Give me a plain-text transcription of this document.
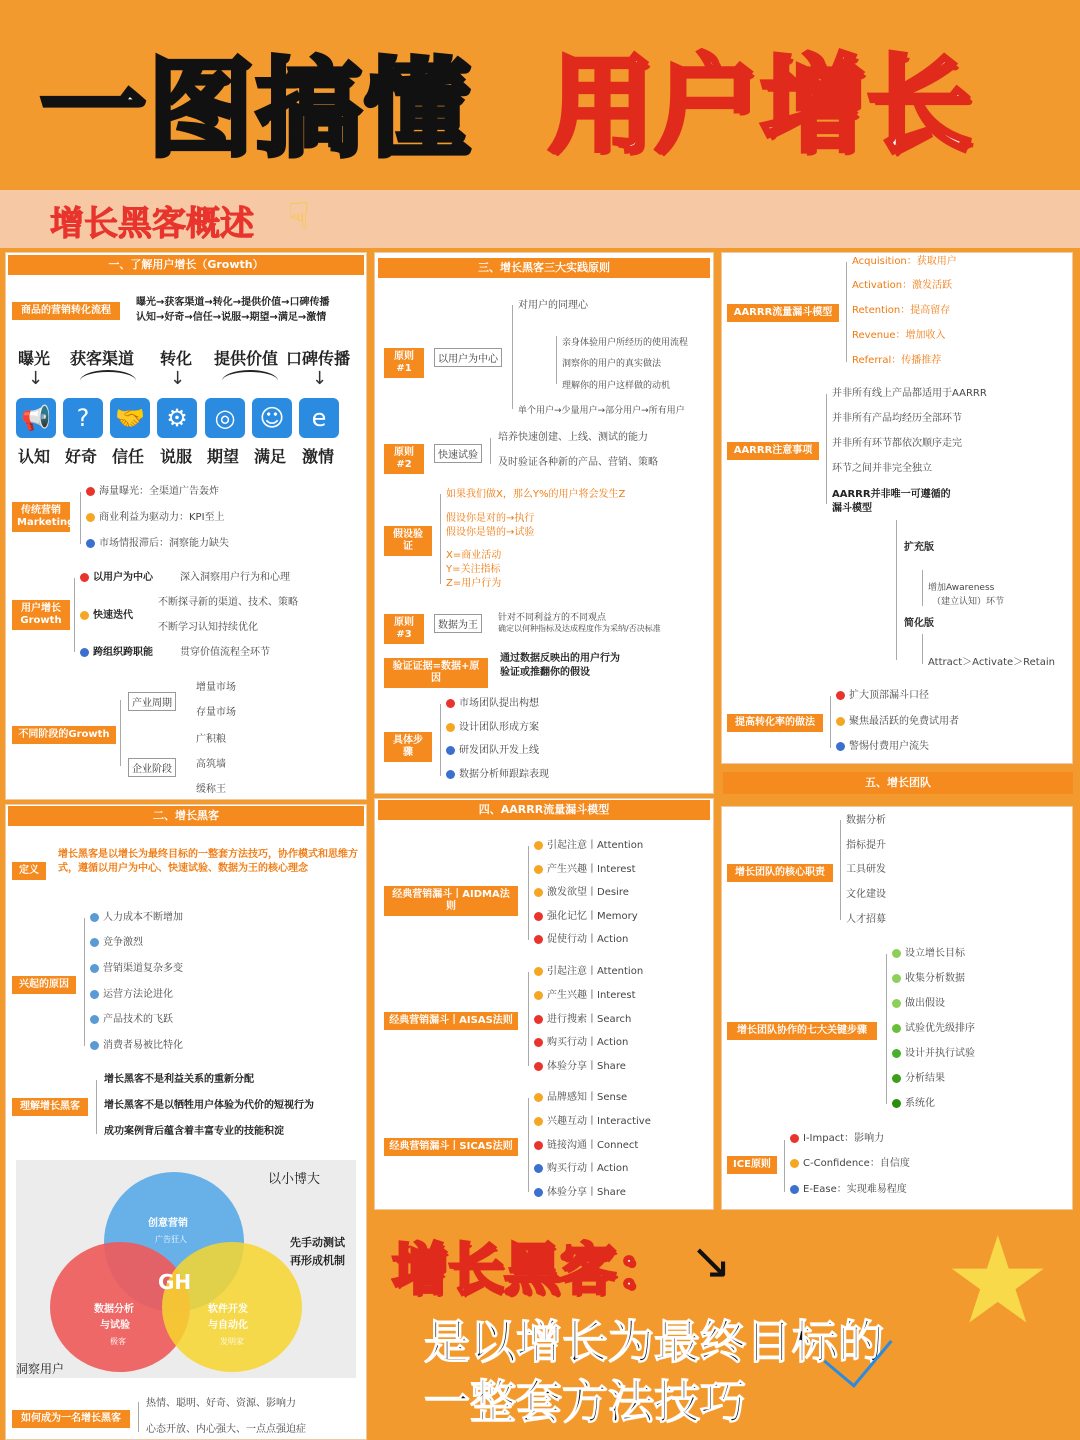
一图搞懂 用户增长
增长黑客概述 ☟
一、了解用户增长（Growth）
商品的营销转化流程
曝光→获客渠道→转化→提供价值→口碑传播
认知→好奇→信任→说服→期望→满足→激情
曝光 获客渠道 转化 提供价值 口碑传播
↓	↓	↓
📢	?	🤝 ⚙	◎	☺	e
认知 好奇 信任 说服 期望 满足 激情
传统营销 Marketing
海量曝光：全渠道广告轰炸
商业利益为驱动力：KPI至上
市场情报滞后：洞察能力缺失
用户增长 Growth
以用户为中心	深入洞察用户行为和心理
快速迭代
不断探寻新的渠道、技术、策略
不断学习认知持续优化
跨组织跨职能	贯穿价值流程全环节
不同阶段的Growth
产业周期
增量市场
存量市场
企业阶段
广积粮
高筑墙
缓称王
二、增长黑客
定义
增长黑客是以增长为最终目标的一整套方法技巧，协作模式和思维方式，遵循以用户为中心、快速试验、数据为王的核心理念
兴起的原因
人力成本不断增加
竞争激烈
营销渠道复杂多变
运营方法论进化
产品技术的飞跃
消费者易被比特化
理解增长黑客
增长黑客不是利益关系的重新分配
增长黑客不是以牺牲用户体验为代价的短视行为
成功案例背后蕴含着丰富专业的技能积淀
创意营销
广告狂人
数据分析
与试验
极客
软件开发
与自动化
发明家
GH
以小博大
先手动测试
再形成机制
洞察用户
如何成为一名增长黑客
热情、聪明、好奇、资源、影响力
心态开放、内心强大、一点点强迫症
三、增长黑客三大实践原则
原则#1
以用户为中心
对用户的同理心
亲身体验用户所经历的使用流程
洞察你的用户的真实做法
理解你的用户这样做的动机
单个用户→少量用户→部分用户→所有用户
原则#2
快速试验
培养快速创建、上线、测试的能力
及时验证各种新的产品、营销、策略
假设验证
如果我们做X，那么Y%的用户将会发生Z
假设你是对的→执行
假设你是错的→试验
X=商业活动
Y=关注指标
Z=用户行为
原则#3
数据为王
针对不同利益方的不同观点
确定以何种指标及达成程度作为采纳/否决标准
验证证据=数据+原因
通过数据反映出的用户行为
验证或推翻你的假设
具体步骤
市场团队提出构想
设计团队形成方案
研发团队开发上线
数据分析师跟踪表现
四、AARRR流量漏斗模型
经典营销漏斗丨AIDMA法则
引起注意丨Attention
产生兴趣丨Interest
激发欲望丨Desire
强化记忆丨Memory
促使行动丨Action
经典营销漏斗丨AISAS法则
引起注意丨Attention
产生兴趣丨Interest
进行搜索丨Search
购买行动丨Action
体验分享丨Share
经典营销漏斗丨SICAS法则
品牌感知丨Sense
兴趣互动丨Interactive
链接沟通丨Connect
购买行动丨Action
体验分享丨Share
AARRR流量漏斗模型
Acquisition：获取用户
Activation：激发活跃
Retention：提高留存
Revenue：增加收入
Referral：传播推荐
AARRR注意事项
并非所有线上产品都适用于AARRR
并非所有产品均经历全部环节
并非所有环节都依次顺序走完
环节之间并非完全独立
AARRR并非唯一可遵循的
漏斗模型
扩充版
增加Awareness
（建立认知）环节
简化版
Attract＞Activate＞Retain
提高转化率的做法
扩大顶部漏斗口径
聚焦最活跃的免费试用者
警惕付费用户流失
五、增长团队
增长团队的核心职责
数据分析
指标提升
工具研发
文化建设
人才招募
增长团队协作的七大关键步骤
设立增长目标
收集分析数据
做出假设
试验优先级排序
设计并执行试验
分析结果
系统化
ICE原则
I-Impact：影响力
C-Confidence：自信度
E-Ease：实现难易程度
增长黑客： ↘
是以增长为最终目标的
一整套方法技巧
★
